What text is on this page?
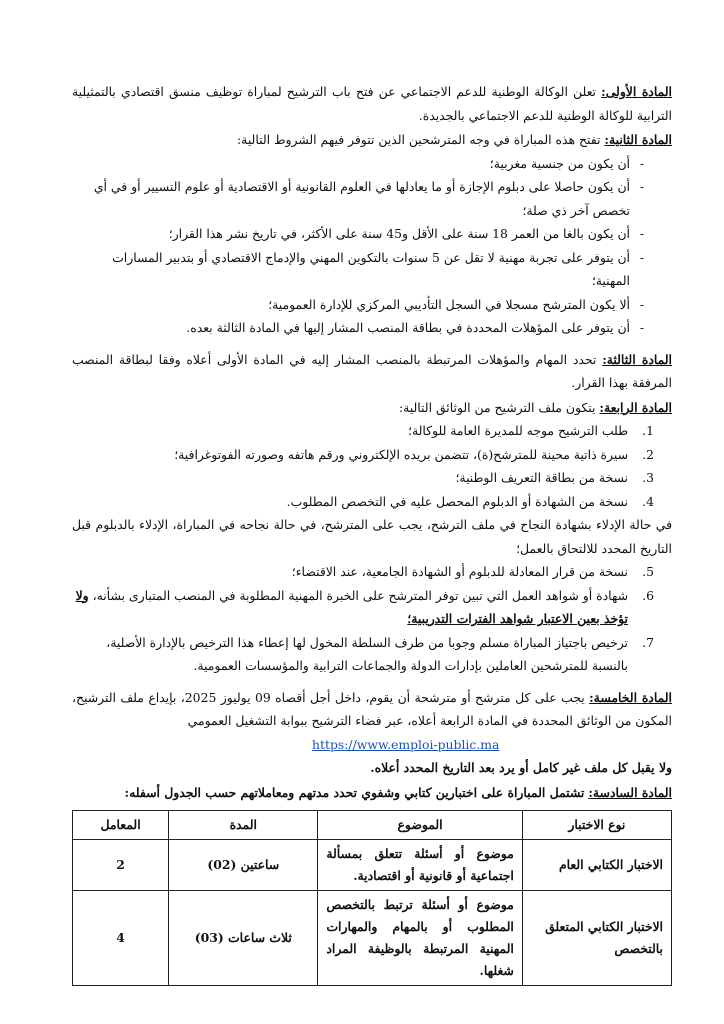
المادة الأولى: تعلن الوكالة الوطنية للدعم الاجتماعي عن فتح باب الترشيح لمباراة توظيف منسق اقتصادي بالتمثيلية الترابية للوكالة الوطنية للدعم الاجتماعي بالجديدة.

المادة الثانية: تفتح هذه المباراة في وجه المترشحين الذين تتوفر فيهم الشروط التالية:

-
أن يكون من جنسية مغربية؛
-
أن يكون حاصلا على دبلوم الإجازة أو ما يعادلها في العلوم القانونية أو الاقتصادية أو علوم التسيير أو في أي تخصص آخر ذي صلة؛
-
أن يكون بالغا من العمر 18 سنة على الأقل و45 سنة على الأكثر، في تاريخ نشر هذا القرار؛
-
أن يتوفر على تجربة مهنية لا تقل عن 5 سنوات بالتكوين المهني والإدماج الاقتصادي أو بتدبير المسارات المهنية؛
-
ألا يكون المترشح مسجلا في السجل التأديبي المركزي للإدارة العمومية؛
-
أن يتوفر على المؤهلات المحددة في بطاقة المنصب المشار إليها في المادة الثالثة بعده.

المادة الثالثة: تحدد المهام والمؤهلات المرتبطة بالمنصب المشار إليه في المادة الأولى أعلاه وفقا لبطاقة المنصب المرفقة بهذا القرار.

المادة الرابعة: يتكون ملف الترشيح من الوثائق التالية:

1.
طلب الترشيح موجه للمديرة العامة للوكالة؛
2.
سيرة ذاتية محينة للمترشح(ة)، تتضمن بريده الإلكتروني ورقم هاتفه وصورته الفوتوغرافية؛
3.
نسخة من بطاقة التعريف الوطنية؛
4.
نسخة من الشهادة أو الدبلوم المحصل عليه في التخصص المطلوب.
في حالة الإدلاء بشهادة النجاح في ملف الترشح، يجب على المترشح، في حالة نجاحه في المباراة، الإدلاء بالدبلوم قبل التاريخ المحدد للالتحاق بالعمل؛
5.
نسخة من قرار المعادلة للدبلوم أو الشهادة الجامعية، عند الاقتضاء؛
6.
شهادة أو شواهد العمل التي تبين توفر المترشح على الخبرة المهنية المطلوبة في المنصب المتبارى بشأنه، ولا تؤخذ بعين الاعتبار شواهد الفترات التدريبية؛
7.
ترخيص باجتياز المباراة مسلم وجوبا من طرف السلطة المخول لها إعطاء هذا الترخيص بالإدارة الأصلية، بالنسبة للمترشحين العاملين بإدارات الدولة والجماعات الترابية والمؤسسات العمومية.

المادة الخامسة: يجب على كل مترشح أو مترشحة أن يقوم، داخل أجل أقصاه 09 يوليوز 2025، بإيداع ملف الترشيح، المكون من الوثائق المحددة في المادة الرابعة أعلاه، عبر فضاء الترشيح ببوابة التشغيل العمومي

https://www.emploi-public.ma

ولا يقبل كل ملف غير كامل أو يرد بعد التاريخ المحدد أعلاه.

المادة السادسة: تشتمل المباراة على اختبارين كتابي وشفوي تحدد مدتهم ومعاملاتهم حسب الجدول أسفله:

نوع الاختبار	الموضوع	المدة	المعامل
الاختبار الكتابي العام	موضوع أو أسئلة تتعلق بمسألة اجتماعية أو قانونية أو اقتصادية.	ساعتين (02)	2
الاختبار الكتابي المتعلق بالتخصص	موضوع أو أسئلة ترتبط بالتخصص المطلوب أو بالمهام والمهارات المهنية المرتبطة بالوظيفة المراد شغلها.	ثلاث ساعات (03)	4
